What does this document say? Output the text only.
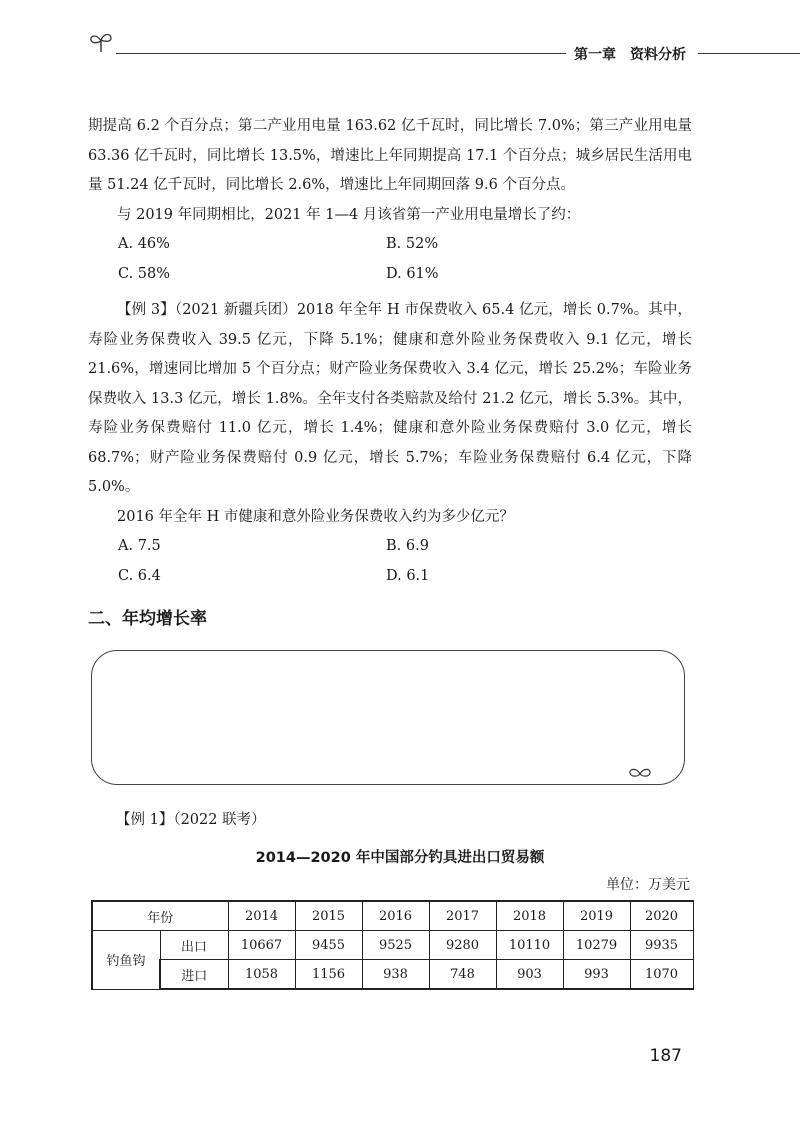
第一章　资料分析

期提高 6.2 个百分点；第二产业用电量 163.62 亿千瓦时，同比增长 7.0%；第三产业用电量 63.36 亿千瓦时，同比增长 13.5%，增速比上年同期提高 17.1 个百分点；城乡居民生活用电量 51.24 亿千瓦时，同比增长 2.6%，增速比上年同期回落 9.6 个百分点。

与 2019 年同期相比，2021 年 1—4 月该省第一产业用电量增长了约：

A. 46%	B. 52%
C. 58%	D. 61%

【例 3】（2021 新疆兵团）2018 年全年 H 市保费收入 65.4 亿元，增长 0.7%。其中，寿险业务保费收入 39.5 亿元，下降 5.1%；健康和意外险业务保费收入 9.1 亿元，增长 21.6%，增速同比增加 5 个百分点；财产险业务保费收入 3.4 亿元，增长 25.2%；车险业务保费收入 13.3 亿元，增长 1.8%。全年支付各类赔款及给付 21.2 亿元，增长 5.3%。其中，寿险业务保费赔付 11.0 亿元，增长 1.4%；健康和意外险业务保费赔付 3.0 亿元，增长 68.7%；财产险业务保费赔付 0.9 亿元，增长 5.7%；车险业务保费赔付 6.4 亿元，下降 5.0%。

2016 年全年 H 市健康和意外险业务保费收入约为多少亿元？

A. 7.5	B. 6.9
C. 6.4	D. 6.1
二、年均增长率
【例 1】（2022 联考）
2014—2020 年中国部分钓具进出口贸易额
单位：万美元
年份		2014	2015	2016	2017	2018	2019	2020
钓鱼钩	出口	10667	9455	9525	9280	10110	10279	9935
	进口	1058	1156	938	748	903	993	1070
187
